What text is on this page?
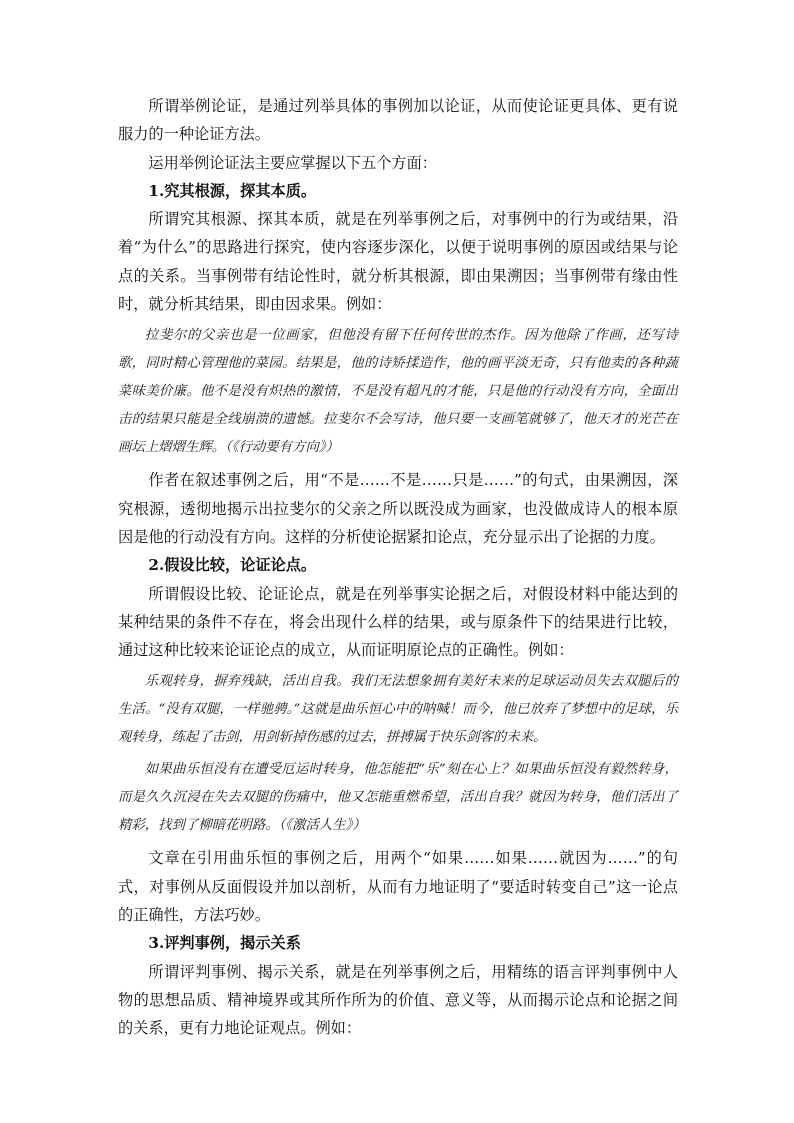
所谓举例论证，是通过列举具体的事例加以论证，从而使论证更具体、更有说服力的一种论证方法。

运用举例论证法主要应掌握以下五个方面：

1.究其根源，探其本质。

所谓究其根源、探其本质，就是在列举事例之后，对事例中的行为或结果，沿着“为什么”的思路进行探究，使内容逐步深化，以便于说明事例的原因或结果与论点的关系。当事例带有结论性时，就分析其根源，即由果溯因；当事例带有缘由性时，就分析其结果，即由因求果。例如：

拉斐尔的父亲也是一位画家，但他没有留下任何传世的杰作。因为他除了作画，还写诗歌，同时精心管理他的菜园。结果是，他的诗矫揉造作，他的画平淡无奇，只有他卖的各种蔬菜味美价廉。他不是没有炽热的激情，不是没有超凡的才能，只是他的行动没有方向，全面出击的结果只能是全线崩溃的遗憾。拉斐尔不会写诗，他只要一支画笔就够了，他天才的光芒在画坛上熠熠生辉。（《行动要有方向》）

作者在叙述事例之后，用“不是……不是……只是……”的句式，由果溯因，深究根源，透彻地揭示出拉斐尔的父亲之所以既没成为画家，也没做成诗人的根本原因是他的行动没有方向。这样的分析使论据紧扣论点，充分显示出了论据的力度。

2.假设比较，论证论点。

所谓假设比较、论证论点，就是在列举事实论据之后，对假设材料中能达到的某种结果的条件不存在，将会出现什么样的结果，或与原条件下的结果进行比较，通过这种比较来论证论点的成立，从而证明原论点的正确性。例如：

乐观转身，摒弃残缺，活出自我。我们无法想象拥有美好未来的足球运动员失去双腿后的生活。“没有双腿，一样驰骋。”这就是曲乐恒心中的呐喊！而今，他已放弃了梦想中的足球，乐观转身，练起了击剑，用剑斩掉伤感的过去，拼搏属于快乐剑客的未来。

如果曲乐恒没有在遭受厄运时转身，他怎能把“乐”刻在心上？如果曲乐恒没有毅然转身，而是久久沉浸在失去双腿的伤痛中，他又怎能重燃希望，活出自我？就因为转身，他们活出了精彩，找到了柳暗花明路。（《激活人生》）

文章在引用曲乐恒的事例之后，用两个“如果……如果……就因为……”的句式，对事例从反面假设并加以剖析，从而有力地证明了“要适时转变自己”这一论点的正确性，方法巧妙。

3.评判事例，揭示关系

所谓评判事例、揭示关系，就是在列举事例之后，用精练的语言评判事例中人物的思想品质、精神境界或其所作所为的价值、意义等，从而揭示论点和论据之间的关系，更有力地论证观点。例如：
